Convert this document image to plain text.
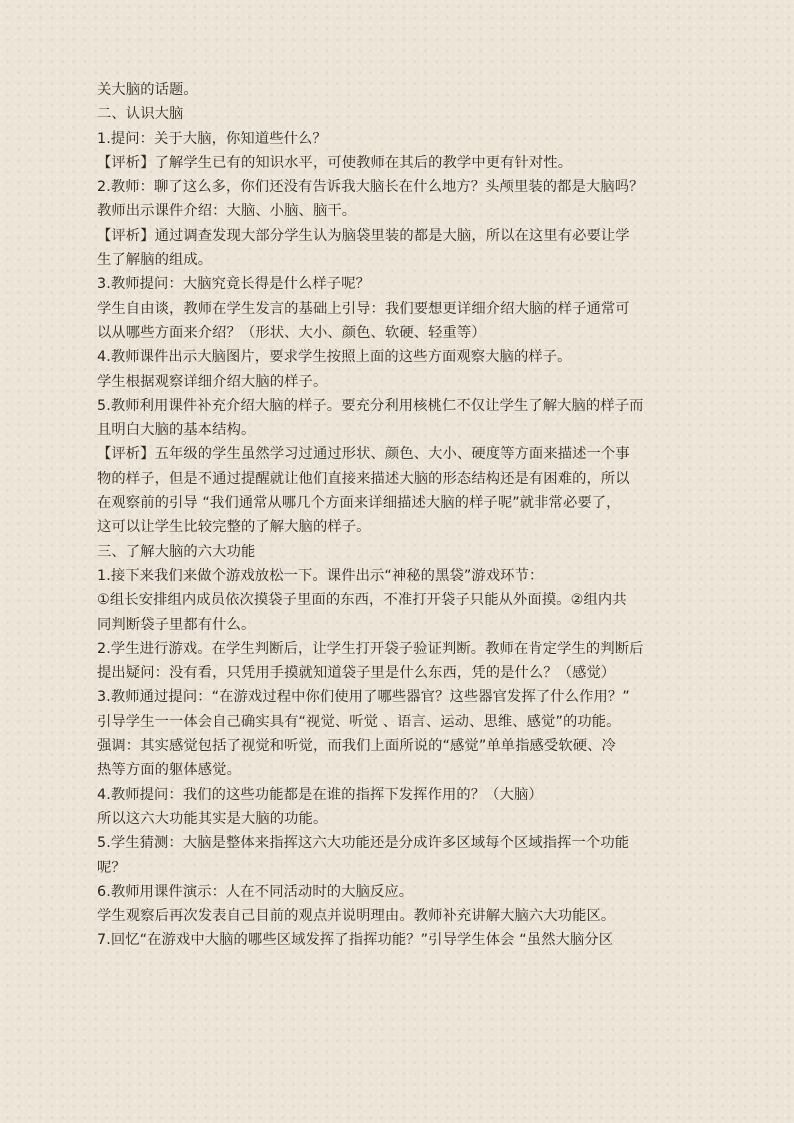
关大脑的话题。
二、认识大脑
1.提问：关于大脑，你知道些什么？
【评析】了解学生已有的知识水平，可使教师在其后的教学中更有针对性。
2.教师：聊了这么多，你们还没有告诉我大脑长在什么地方？头颅里装的都是大脑吗？
教师出示课件介绍：大脑、小脑、脑干。
【评析】通过调查发现大部分学生认为脑袋里装的都是大脑，所以在这里有必要让学
生了解脑的组成。
3.教师提问：大脑究竟长得是什么样子呢？
学生自由谈，教师在学生发言的基础上引导：我们要想更详细介绍大脑的样子通常可
以从哪些方面来介绍？（形状、大小、颜色、软硬、轻重等）
4.教师课件出示大脑图片，要求学生按照上面的这些方面观察大脑的样子。
学生根据观察详细介绍大脑的样子。
5.教师利用课件补充介绍大脑的样子。要充分利用核桃仁不仅让学生了解大脑的样子而
且明白大脑的基本结构。
【评析】五年级的学生虽然学习过通过形状、颜色、大小、硬度等方面来描述一个事
物的样子，但是不通过提醒就让他们直接来描述大脑的形态结构还是有困难的，所以
在观察前的引导 “我们通常从哪几个方面来详细描述大脑的样子呢”就非常必要了，
这可以让学生比较完整的了解大脑的样子。
三、了解大脑的六大功能
1.接下来我们来做个游戏放松一下。课件出示“神秘的黑袋”游戏环节：
①组长安排组内成员依次摸袋子里面的东西，不准打开袋子只能从外面摸。②组内共
同判断袋子里都有什么。
2.学生进行游戏。在学生判断后，让学生打开袋子验证判断。教师在肯定学生的判断后
提出疑问：没有看，只凭用手摸就知道袋子里是什么东西，凭的是什么？（感觉）
3.教师通过提问：“在游戏过程中你们使用了哪些器官？这些器官发挥了什么作用？”
引导学生一一体会自己确实具有“视觉、听觉 、语言、运动、思维、感觉”的功能。
强调：其实感觉包括了视觉和听觉，而我们上面所说的“感觉”单单指感受软硬、冷
热等方面的躯体感觉。
4.教师提问：我们的这些功能都是在谁的指挥下发挥作用的？（大脑）
所以这六大功能其实是大脑的功能。
5.学生猜测：大脑是整体来指挥这六大功能还是分成许多区域每个区域指挥一个功能
呢？
6.教师用课件演示：人在不同活动时的大脑反应。
学生观察后再次发表自己目前的观点并说明理由。教师补充讲解大脑六大功能区。
7.回忆“在游戏中大脑的哪些区域发挥了指挥功能？”引导学生体会 “虽然大脑分区
